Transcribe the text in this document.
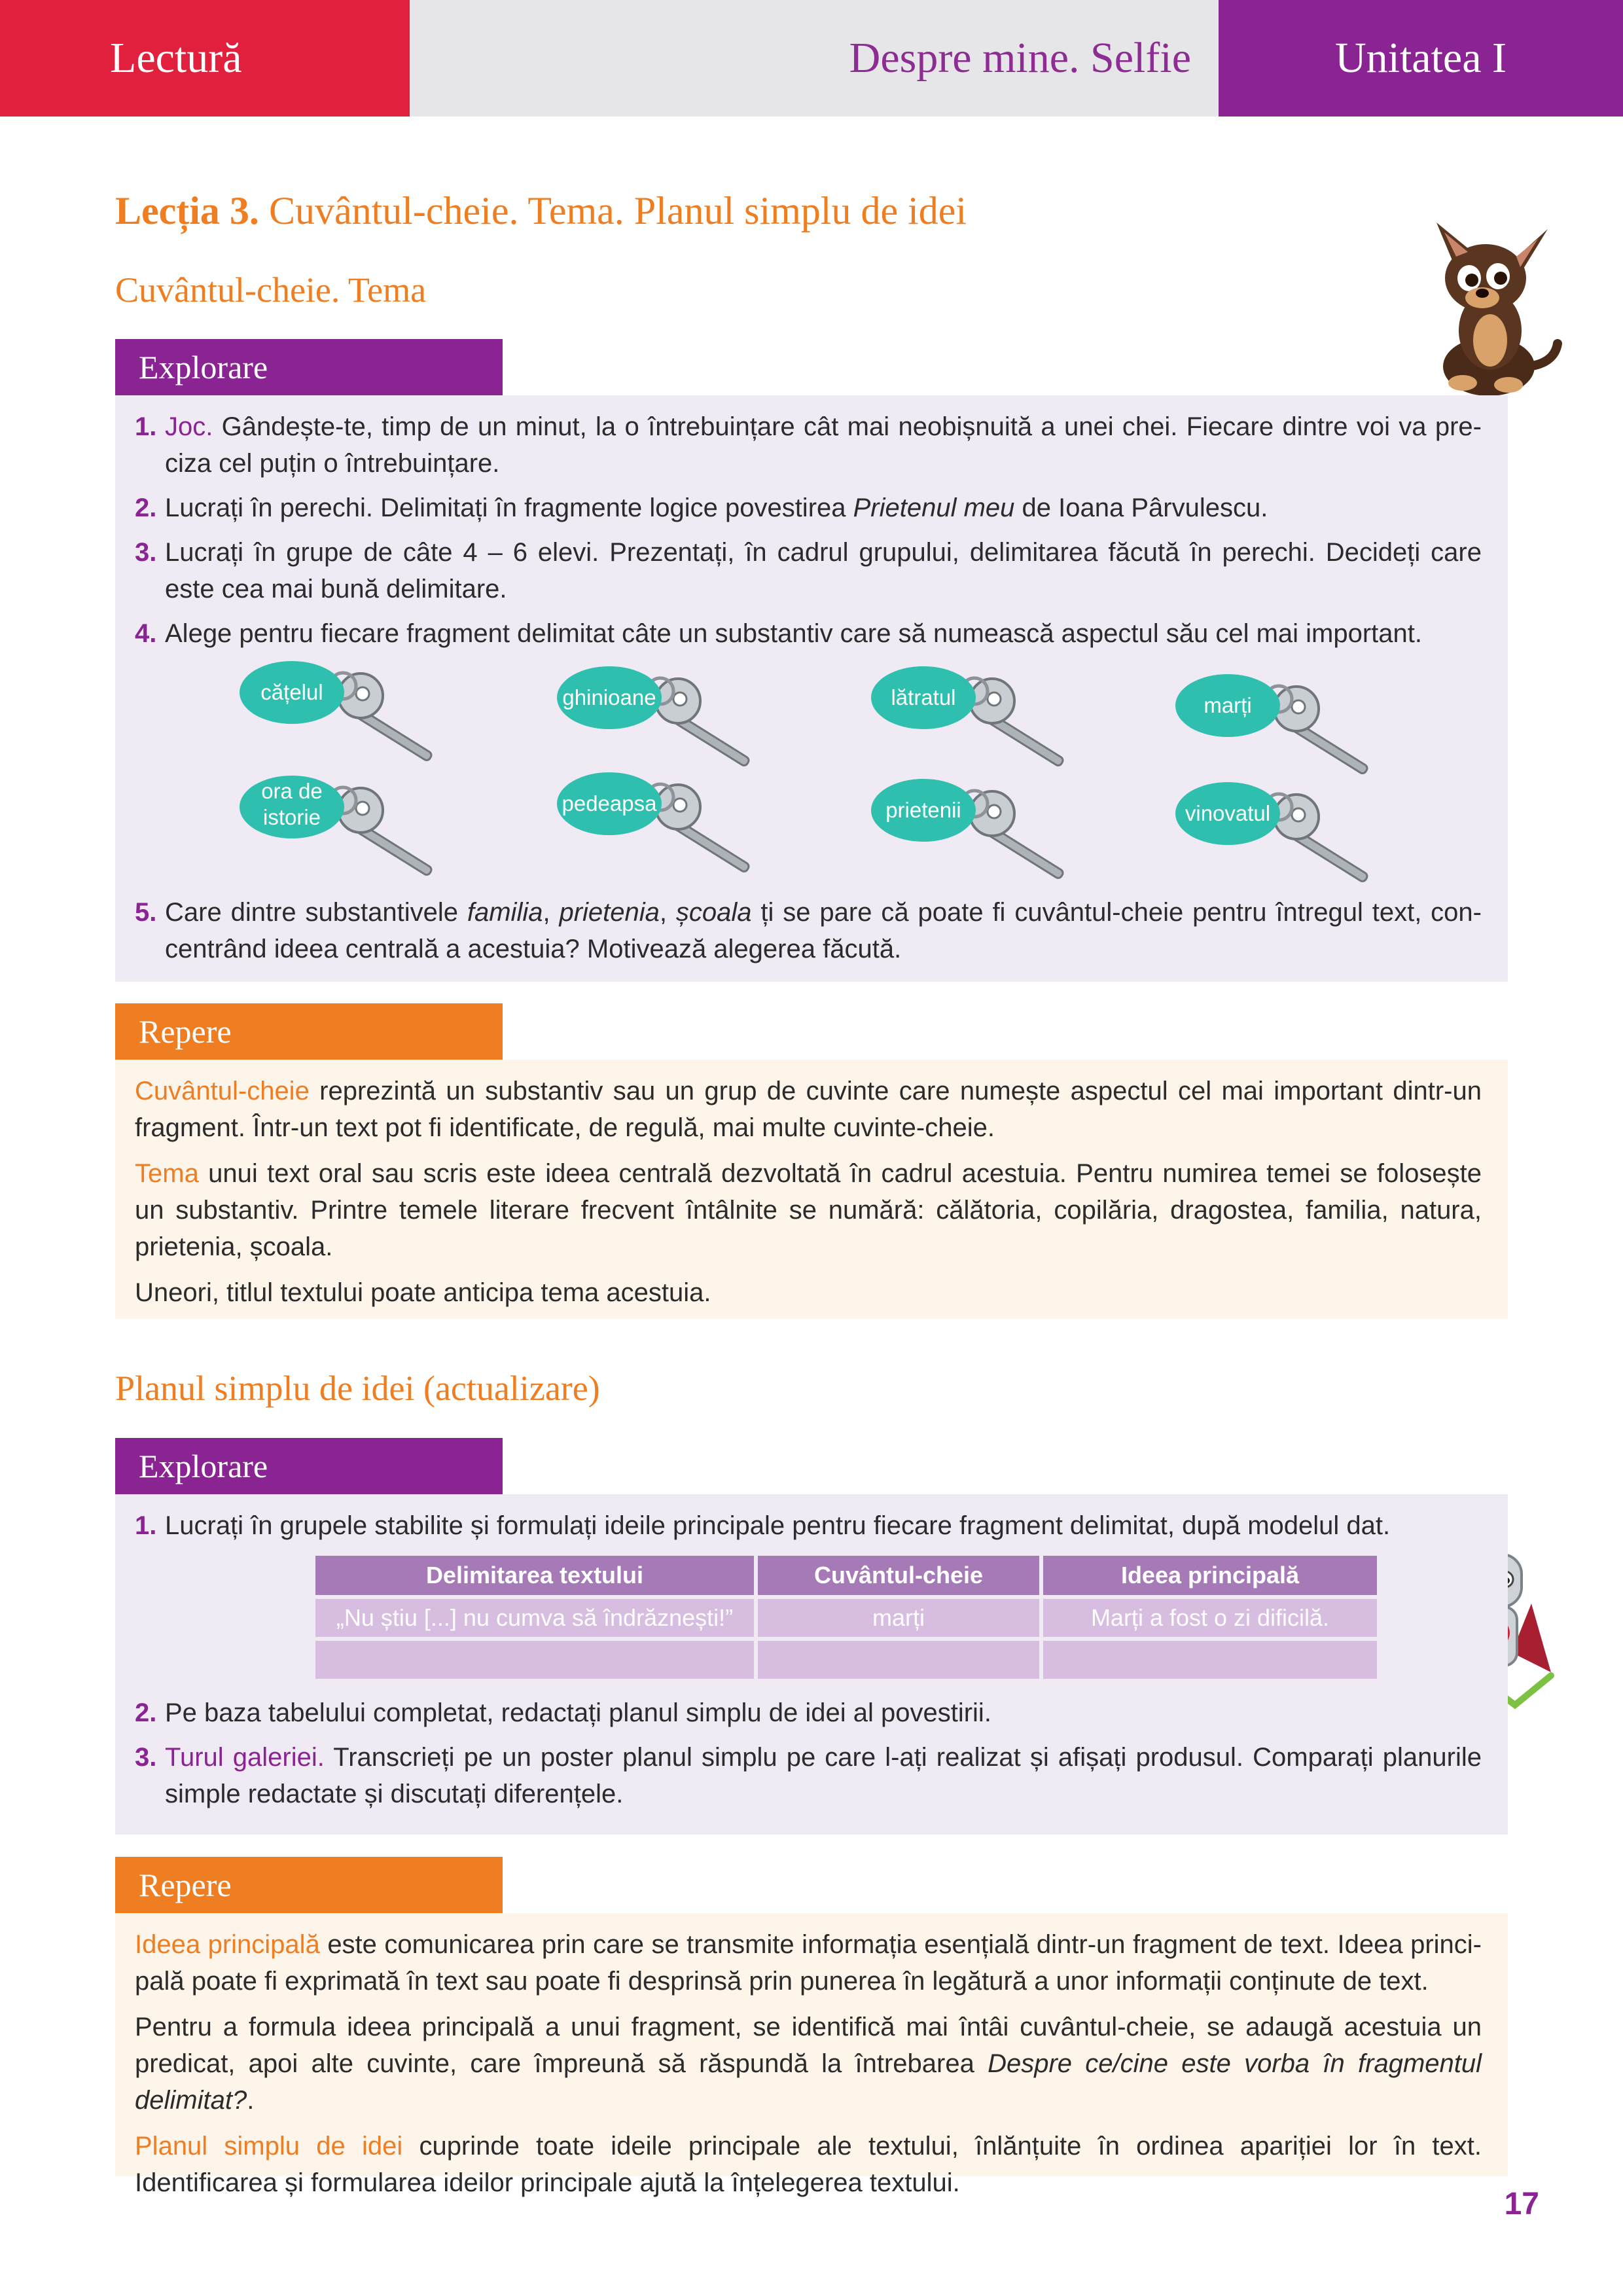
Lectură	Despre mine. Selfie	Unitatea I
Lecția 3. Cuvântul-cheie. Tema. Planul simplu de idei
Cuvântul-cheie. Tema
Explorare
1. Joc. Gândește-te, timp de un minut, la o întrebuințare cât mai neobișnuită a unei chei. Fiecare dintre voi va preciza cel puțin o întrebuințare.
2. Lucrați în perechi. Delimitați în fragmente logice povestirea Prietenul meu de Ioana Pârvulescu.
3. Lucrați în grupe de câte 4 – 6 elevi. Prezentați, în cadrul grupului, delimitarea făcută în perechi. Decideți care este cea mai bună delimitare.
4. Alege pentru fiecare fragment delimitat câte un substantiv care să numească aspectul său cel mai important.
cățelul	ghinioane	lătratul	marți
ora de istorie
pedeapsa	prietenii	vinovatul
5. Care dintre substantivele familia, prietenia, școala ți se pare că poate fi cuvântul-cheie pentru întregul text, concentrând ideea centrală a acestuia? Motivează alegerea făcută.
Repere
Cuvântul-cheie reprezintă un substantiv sau un grup de cuvinte care numește aspectul cel mai important dintr-un fragment. Într-un text pot fi identificate, de regulă, mai multe cuvinte-cheie.
Tema unui text oral sau scris este ideea centrală dezvoltată în cadrul acestuia. Pentru numirea temei se folosește un substantiv. Printre temele literare frecvent întâlnite se numără: călătoria, copilăria, dragostea, familia, natura, prietenia, școala.
Uneori, titlul textului poate anticipa tema acestuia.
Planul simplu de idei (actualizare)
Explorare
1. Lucrați în grupele stabilite și formulați ideile principale pentru fiecare fragment delimitat, după modelul dat.
Delimitarea textului	Cuvântul-cheie	Ideea principală
„Nu știu [...] nu cumva să îndrăznești!”	marți	Marți a fost o zi dificilă.

2. Pe baza tabelului completat, redactați planul simplu de idei al povestirii.
3. Turul galeriei. Transcrieți pe un poster planul simplu pe care l-ați realizat și afișați produsul. Comparați planurile simple redactate și discutați diferențele.
Repere
Ideea principală este comunicarea prin care se transmite informația esențială dintr-un fragment de text. Ideea principală poate fi exprimată în text sau poate fi desprinsă prin punerea în legătură a unor informații conținute de text.
Pentru a formula ideea principală a unui fragment, se identifică mai întâi cuvântul-cheie, se adaugă acestuia un predicat, apoi alte cuvinte, care împreună să răspundă la întrebarea Despre ce/cine este vorba în fragmentul delimitat?.
Planul simplu de idei cuprinde toate ideile principale ale textului, înlănțuite în ordinea apariției lor în text. Identificarea și formularea ideilor principale ajută la înțelegerea textului.
17
